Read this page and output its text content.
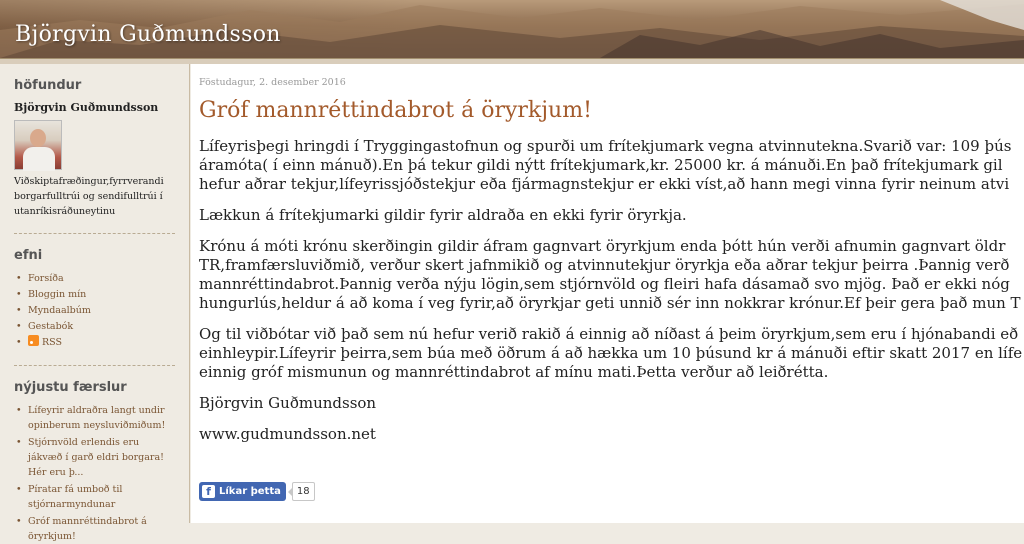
Björgvin Guðmundsson
höfundur
Björgvin Guðmundsson
Viðskiptafræðingur,fyrrverandi borgarfulltrúi og sendifulltrúi í utanríkisráðuneytinu
efni
• Forsíða
• Bloggin mín
• Myndaalbúm
• Gestabók
• RSS
nýjustu færslur
• Lífeyrir aldraðra langt undir opinberum neysluviðmiðum!
• Stjórnvöld erlendis eru jákvæð í garð eldri borgara! Hér eru þ...
• Píratar fá umboð til stjórnarmyndunar
• Gróf mannréttindabrot á öryrkjum!
Föstudagur, 2. desember 2016
Gróf mannréttindabrot á öryrkjum!

Lífeyrisþegi hringdi í Tryggingastofnun og spurði um frítekjumark vegna atvinnutekna.Svarið var: 109 þús
áramóta( í einn mánuð).En þá tekur gildi nýtt frítekjumark,kr. 25000 kr. á mánuði.En það frítekjumark gil
hefur aðrar tekjur,lífeyrissjóðstekjur eða fjármagnstekjur er ekki víst,að hann megi vinna fyrir neinum atvi

Lækkun á frítekjumarki gildir fyrir aldraða en ekki fyrir öryrkja.

Krónu á móti krónu skerðingin gildir áfram gagnvart öryrkjum enda þótt hún verði afnumin gagnvart öldr
TR,framfærsluviðmið, verður skert jafnmikið og atvinnutekjur öryrkja eða aðrar tekjur þeirra .Þannig verð
mannréttindabrot.Þannig verða nýju lögin,sem stjórnvöld og fleiri hafa dásamað svo mjög. Það er ekki nóg
hungurlús,heldur á að koma í veg fyrir,að öryrkjar geti unnið sér inn nokkrar krónur.Ef þeir gera það mun T

Og til viðbótar við það sem nú hefur verið rakið á einnig að níðast á þeim öryrkjum,sem eru í hjónabandi eð
einhleypir.Lífeyrir þeirra,sem búa með öðrum á að hækka um 10 þúsund kr á mánuði eftir skatt 2017 en lífe
einnig gróf mismunun og mannréttindabrot af mínu mati.Þetta verður að leiðrétta.

Björgvin Guðmundsson

www.gudmundsson.net

f Líkar þetta	18
